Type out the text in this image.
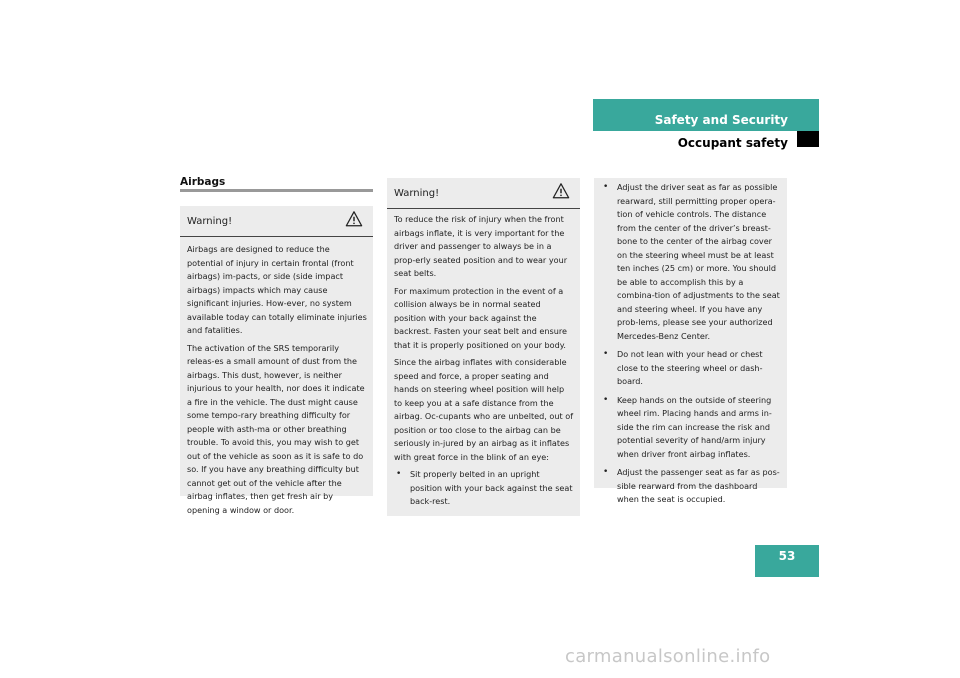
Safety and Security
Occupant safety
Airbags
Warning!

Airbags are designed to reduce the potential of injury in certain frontal (front airbags) im-pacts, or side (side impact airbags) impacts which may cause significant injuries. How-ever, no system available today can totally eliminate injuries and fatalities.

The activation of the SRS temporarily releas-es a small amount of dust from the airbags. This dust, however, is neither injurious to your health, nor does it indicate a fire in the vehicle. The dust might cause some tempo-rary breathing difficulty for people with asth-ma or other breathing trouble. To avoid this, you may wish to get out of the vehicle as soon as it is safe to do so. If you have any breathing difficulty but cannot get out of the vehicle after the airbag inflates, then get fresh air by opening a window or door.

Warning!

To reduce the risk of injury when the front airbags inflate, it is very important for the driver and passenger to always be in a prop-erly seated position and to wear your seat belts.

For maximum protection in the event of a collision always be in normal seated position with your back against the backrest. Fasten your seat belt and ensure that it is properly positioned on your body.

Since the airbag inflates with considerable speed and force, a proper seating and hands on steering wheel position will help to keep you at a safe distance from the airbag. Oc-cupants who are unbelted, out of position or too close to the airbag can be seriously in-jured by an airbag as it inflates with great force in the blink of an eye:

• Sit properly belted in an upright position with your back against the seat back-rest.
• Adjust the driver seat as far as possible rearward, still permitting proper opera-tion of vehicle controls. The distance from the center of the driver’s breast-bone to the center of the airbag cover on the steering wheel must be at least ten inches (25 cm) or more. You should be able to accomplish this by a combina-tion of adjustments to the seat and steering wheel. If you have any prob-lems, please see your authorized Mercedes-Benz Center.
• Do not lean with your head or chest close to the steering wheel or dash-board.
• Keep hands on the outside of steering wheel rim. Placing hands and arms in-side the rim can increase the risk and potential severity of hand/arm injury when driver front airbag inflates.
• Adjust the passenger seat as far as pos-sible rearward from the dashboard when the seat is occupied.
53
carmanualsonline.info
